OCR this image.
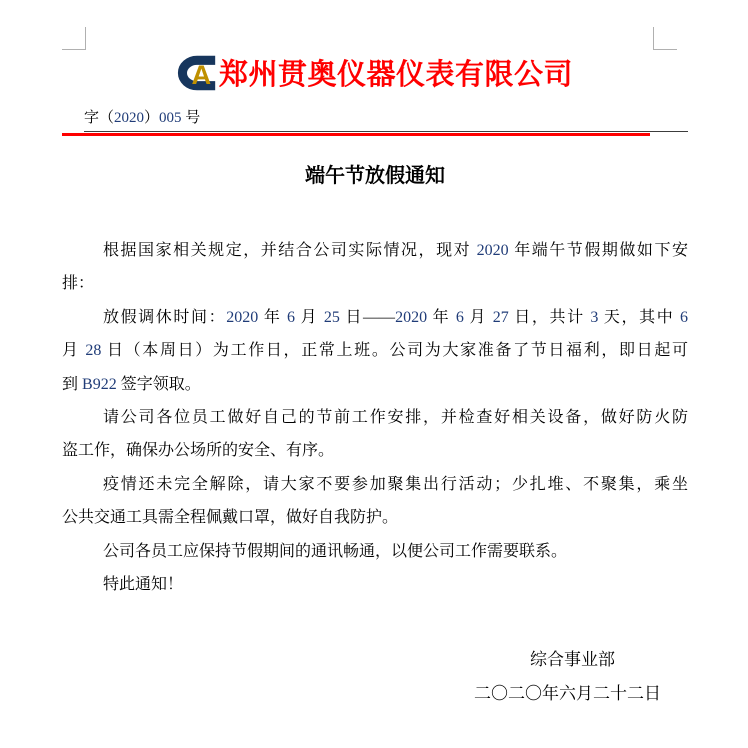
A 郑州贯奥仪器仪表有限公司
字（2020）005 号
端午节放假通知
根据国家相关规定，并结合公司实际情况，现对 2020 年端午节假期做如下安
排：
放假调休时间：2020 年 6 月 25 日——2020 年 6 月 27 日，共计 3 天，其中 6
月 28 日（本周日）为工作日，正常上班。公司为大家准备了节日福利，即日起可
到 B922 签字领取。
请公司各位员工做好自己的节前工作安排，并检查好相关设备，做好防火防
盗工作，确保办公场所的安全、有序。
疫情还未完全解除，请大家不要参加聚集出行活动；少扎堆、不聚集，乘坐
公共交通工具需全程佩戴口罩，做好自我防护。
公司各员工应保持节假期间的通讯畅通，以便公司工作需要联系。
特此通知！
综合事业部
二〇二〇年六月二十二日
